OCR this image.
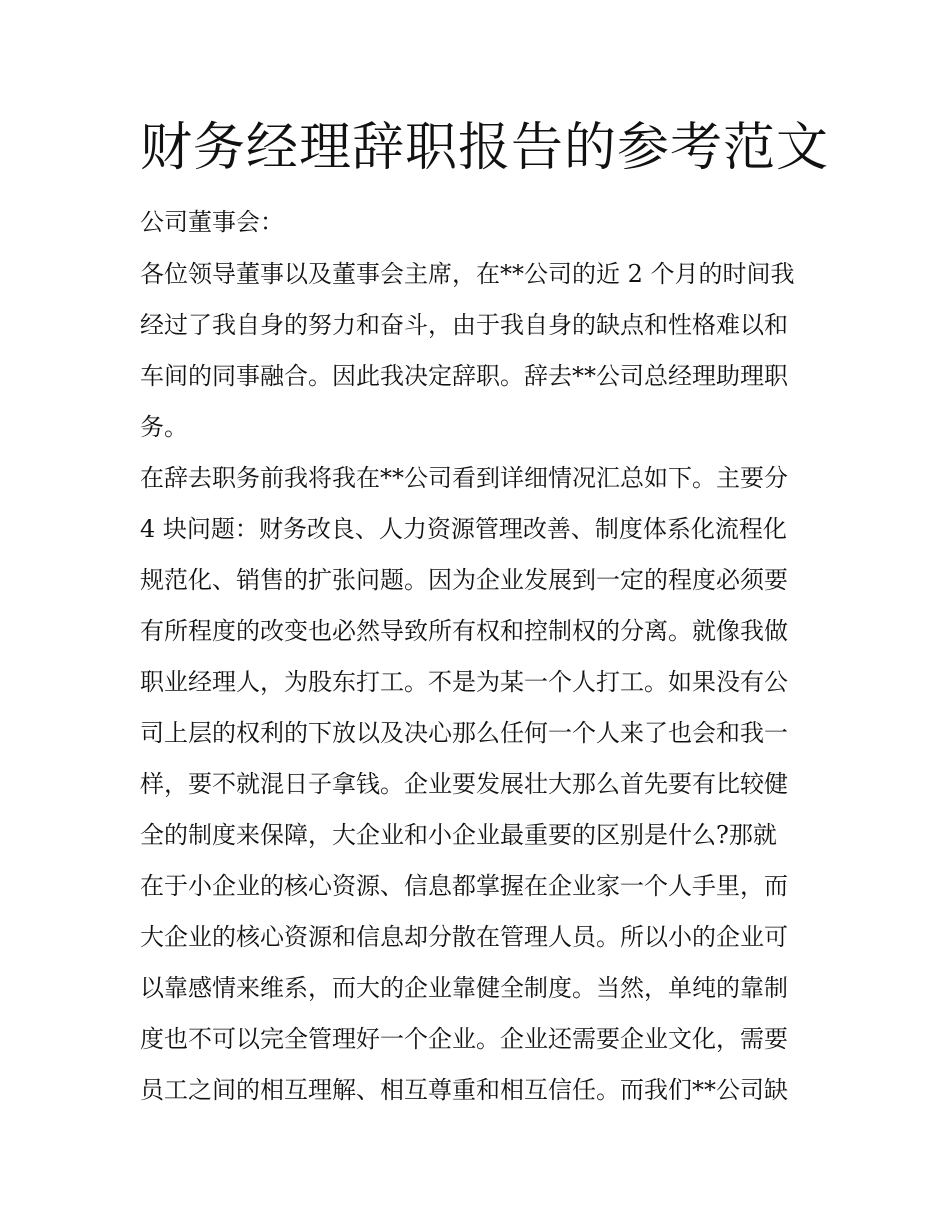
财务经理辞职报告的参考范文

公司董事会：

各位领导董事以及董事会主席，在**公司的近 2 个月的时间我

经过了我自身的努力和奋斗，由于我自身的缺点和性格难以和

车间的同事融合。因此我决定辞职。辞去**公司总经理助理职

务。

在辞去职务前我将我在**公司看到详细情况汇总如下。主要分

4 块问题：财务改良、人力资源管理改善、制度体系化流程化

规范化、销售的扩张问题。因为企业发展到一定的程度必须要

有所程度的改变也必然导致所有权和控制权的分离。就像我做

职业经理人，为股东打工。不是为某一个人打工。如果没有公

司上层的权利的下放以及决心那么任何一个人来了也会和我一

样，要不就混日子拿钱。企业要发展壮大那么首先要有比较健

全的制度来保障，大企业和小企业最重要的区别是什么?那就

在于小企业的核心资源、信息都掌握在企业家一个人手里，而

大企业的核心资源和信息却分散在管理人员。所以小的企业可

以靠感情来维系，而大的企业靠健全制度。当然，单纯的靠制

度也不可以完全管理好一个企业。企业还需要企业文化，需要

员工之间的相互理解、相互尊重和相互信任。而我们**公司缺
